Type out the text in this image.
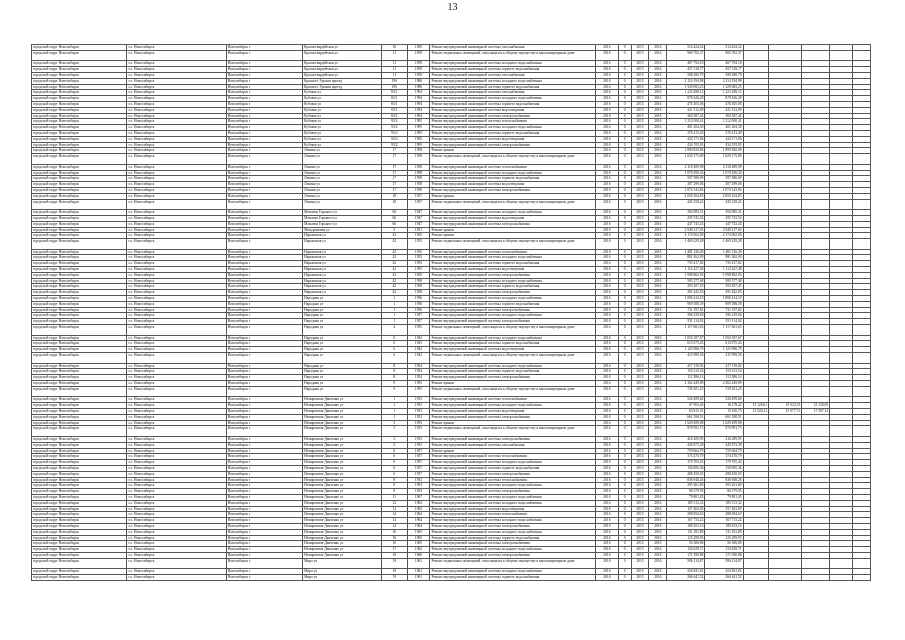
13
городской округ Новосибирск	г.о. Новосибирск	Новосибирск г	Красногвардейская ул	10	1969	Ремонт внутридомовой инженерной системы газоснабжения	2016	0	2015	2016	514 424,32	514 424,32					
городской округ Новосибирск	г.о. Новосибирск	Новосибирск г	Красногвардейская ул	11	1959	Ремонт подвальных помещений, относящихся к общему имуществу в многоквартирном доме	2016	0	2015	2016	906 782,37	906 782,37					
городской округ Новосибирск	г.о. Новосибирск	Новосибирск г	Красногвардейская ул	11	1959	Ремонт внутридомовой инженерной системы холодного водоснабжения	2016	0	2015	2016	467 794,18	467 794,18					
городской округ Новосибирск	г.о. Новосибирск	Новосибирск г	Красногвардейская ул	11	1959	Ремонт внутридомовой инженерной системы горячего водоснабжения	2016	0	2015	2016	457 518,77	457 518,77					
городской округ Новосибирск	г.о. Новосибирск	Новосибирск г	Красногвардейская ул	11	1959	Ремонт внутридомовой инженерной системы газоснабжения	2016	0	2015	2016	508 280,79	508 280,79					
городской округ Новосибирск	г.о. Новосибирск	Новосибирск г	Красного Урожая проезд	19б	1986	Ремонт внутридомовой инженерной системы холодного водоснабжения	2016	0	2015	2016	2 114 194,98	2 114 194,98					
городской округ Новосибирск	г.о. Новосибирск	Новосибирск г	Красного Урожая проезд	19б	1986	Ремонт внутридомовой инженерной системы горячего водоснабжения	2016	0	2015	2016	1 529 083,25	1 529 083,25					
городской округ Новосибирск	г.о. Новосибирск	Новосибирск г	Кубовая ул	83/1	1994	Ремонт внутридомовой инженерной системы газоснабжения	2016	0	2015	2016	1 223 498,12	1 223 498,12					
городской округ Новосибирск	г.о. Новосибирск	Новосибирск г	Кубовая ул	83/1	1994	Ремонт внутридомовой инженерной системы холодного водоснабжения	2016	0	2015	2016	879 426,28	879 426,28					
городской округ Новосибирск	г.о. Новосибирск	Новосибирск г	Кубовая ул	83/1	1994	Ремонт внутридомовой инженерной системы горячего водоснабжения	2016	0	2015	2016	476 305,06	476 305,06					
городской округ Новосибирск	г.о. Новосибирск	Новосибирск г	Кубовая ул	83/1	1994	Ремонт внутридомовой инженерной системы водоотведения	2016	0	2015	2016	421 512,09	421 512,09					
городской округ Новосибирск	г.о. Новосибирск	Новосибирск г	Кубовая ул	83/1	1994	Ремонт внутридомовой инженерной системы электроснабжения	2016	0	2015	2016	360 387,42	360 387,42					
городской округ Новосибирск	г.о. Новосибирск	Новосибирск г	Кубовая ул	93/2	1995	Ремонт внутридомовой инженерной системы теплоснабжения	2016	0	2015	2016	1 212 000,41	1 212 000,41					
городской округ Новосибирск	г.о. Новосибирск	Новосибирск г	Кубовая ул	93/2	1995	Ремонт внутридомовой инженерной системы холодного водоснабжения	2016	0	2015	2016	401 204,30	401 204,30					
городской округ Новосибирск	г.о. Новосибирск	Новосибирск г	Кубовая ул	93/2	1995	Ремонт внутридомовой инженерной системы горячего водоснабжения	2016	0	2015	2016	276 413,40	276 413,40					
городской округ Новосибирск	г.о. Новосибирск	Новосибирск г	Кубовая ул	93/2	1995	Ремонт внутридомовой инженерной системы водоотведения	2016	0	2015	2016	424 171,06	424 171,06					
городской округ Новосибирск	г.о. Новосибирск	Новосибирск г	Кубовая ул	93/2	1995	Ремонт внутридомовой инженерной системы электроснабжения	2016	0	2015	2016	434 193,05	434 193,05					
городской округ Новосибирск	г.о. Новосибирск	Новосибирск г	Ленина ул	17	1958	Ремонт крыши	2016	0	2015	2016	1 890 820,86	1 890 820,86					
городской округ Новосибирск	г.о. Новосибирск	Новосибирск г	Ленина ул	17	1958	Ремонт подвальных помещений, относящихся к общему имуществу в многоквартирном доме	2016	0	2015	2016	1 620 175,80	1 620 175,80					
городской округ Новосибирск	г.о. Новосибирск	Новосибирск г	Ленина ул	17	1958	Ремонт внутридомовой инженерной системы теплоснабжения	2016	0	2015	2016	2 118 489,98	2 118 489,98					
городской округ Новосибирск	г.о. Новосибирск	Новосибирск г	Ленина ул	17	1958	Ремонт внутридомовой инженерной системы холодного водоснабжения	2016	0	2015	2016	1 070 290,34	1 070 290,34					
городской округ Новосибирск	г.о. Новосибирск	Новосибирск г	Ленина ул	17	1958	Ремонт внутридомовой инженерной системы горячего водоснабжения	2016	0	2015	2016	597 580,09	597 580,09					
городской округ Новосибирск	г.о. Новосибирск	Новосибирск г	Ленина ул	17	1958	Ремонт внутридомовой инженерной системы водоотведения	2016	0	2015	2016	307 299,06	307 299,06					
городской округ Новосибирск	г.о. Новосибирск	Новосибирск г	Ленина ул	17	1958	Ремонт внутридомовой инженерной системы электроснабжения	2016	0	2015	2016	1 074 143,84	1 074 143,84					
городской округ Новосибирск	г.о. Новосибирск	Новосибирск г	Ленина ул	18	1957	Ремонт крыши	2016	0	2015	2016	2 050 164,83	2 050 164,83					
городской округ Новосибирск	г.о. Новосибирск	Новосибирск г	Ленина ул	18	1957	Ремонт подвальных помещений, относящихся к общему имуществу в многоквартирном доме	2016	0	2015	2016	445 258,22	445 258,22					
городской округ Новосибирск	г.о. Новосибирск	Новосибирск г	Максима Горького ул	66	1947	Ремонт внутридомовой инженерной системы холодного водоснабжения	2016	0	2015	2016	394 085,31	394 085,31					
городской округ Новосибирск	г.о. Новосибирск	Новосибирск г	Максима Горького ул	66	1947	Ремонт внутридомовой инженерной системы водоотведения	2016	0	2015	2016	295 743,54	295 743,54					
городской округ Новосибирск	г.о. Новосибирск	Новосибирск г	Максима Горького ул	66	1947	Ремонт внутридомовой инженерной системы электроснабжения	2016	0	2015	2016	447 743,43	447 743,43					
городской округ Новосибирск	г.о. Новосибирск	Новосибирск г	Мичуринская ул	3	1951	Ремонт крыши	2016	0	2015	2016	2 949 217,02	2 949 217,02					
городской округ Новосибирск	г.о. Новосибирск	Новосибирск г	Нарымская ул	42	1955	Ремонт крыши	2016	0	2015	2016	4 174 002,09	4 174 002,09					
городской округ Новосибирск	г.о. Новосибирск	Новосибирск г	Нарымская ул	42	1955	Ремонт подвальных помещений, относящихся к общему имуществу в многоквартирном доме	2016	0	2015	2016	1 469 229,28	1 469 229,28					
городской округ Новосибирск	г.о. Новосибирск	Новосибирск г	Нарымская ул	42	1955	Ремонт внутридомовой инженерной системы теплоснабжения	2016	0	2015	2016	1 481 126,49	1 481 126,49					
городской округ Новосибирск	г.о. Новосибирск	Новосибирск г	Нарымская ул	42	1955	Ремонт внутридомовой инженерной системы холодного водоснабжения	2016	0	2015	2016	881 362,09	881 362,09					
городской округ Новосибирск	г.о. Новосибирск	Новосибирск г	Нарымская ул	42	1955	Ремонт внутридомовой инженерной системы горячего водоснабжения	2016	0	2015	2016	735 417,82	735 417,82					
городской округ Новосибирск	г.о. Новосибирск	Новосибирск г	Нарымская ул	42	1955	Ремонт внутридомовой инженерной системы водоотведения	2016	0	2015	2016	1 112 427,48	1 112 427,48					
городской округ Новосибирск	г.о. Новосибирск	Новосибирск г	Нарымская ул	42	1955	Ремонт внутридомовой инженерной системы электроснабжения	2016	0	2015	2016	1 998 862,93	1 998 862,93					
городской округ Новосибирск	г.о. Новосибирск	Новосибирск г	Нарымская ул	42	1958	Ремонт внутридомовой инженерной системы холодного водоснабжения	2016	0	2015	2016	585 577,48	585 577,48					
городской округ Новосибирск	г.о. Новосибирск	Новосибирск г	Нарымская ул	42	1958	Ремонт внутридомовой инженерной системы горячего водоснабжения	2016	0	2015	2016	293 207,45	293 207,45					
городской округ Новосибирск	г.о. Новосибирск	Новосибирск г	Нарымская ул	42	1958	Ремонт внутридомовой инженерной системы электроснабжения	2016	0	2015	2016	291 442,93	291 442,93					
городской округ Новосибирск	г.о. Новосибирск	Новосибирск г	Народная ул	1	1956	Ремонт внутридомовой инженерной системы холодного водоснабжения	2016	0	2015	2016	1 896 414,19	1 896 414,19					
городской округ Новосибирск	г.о. Новосибирск	Новосибирск г	Народная ул	1	1956	Ремонт внутридомовой инженерной системы горячего водоснабжения	2016	0	2015	2016	909 588,39	909 588,39					
городской округ Новосибирск	г.о. Новосибирск	Новосибирск г	Народная ул	1	1956	Ремонт внутридомовой инженерной системы электроснабжения	2016	0	2015	2016	731 197,82	731 197,82					
городской округ Новосибирск	г.о. Новосибирск	Новосибирск г	Народная ул	1	1957	Ремонт внутридомовой инженерной системы холодного водоснабжения	2016	0	2015	2016	396 239,60	396 239,60					
городской округ Новосибирск	г.о. Новосибирск	Новосибирск г	Народная ул	1	1957	Ремонт внутридомовой инженерной системы электроснабжения	2016	0	2015	2016	551 114,02	551 114,02					
городской округ Новосибирск	г.о. Новосибирск	Новосибирск г	Народная ул	4	1955	Ремонт подвальных помещений, относящихся к общему имуществу в многоквартирном доме	2016	0	2015	2016	1 117 661,63	1 117 661,63					
городской округ Новосибирск	г.о. Новосибирск	Новосибирск г	Народная ул	6	1943	Ремонт внутридомовой инженерной системы холодного водоснабжения	2016	0	2015	2016	1 050 187,67	1 050 187,67					
городской округ Новосибирск	г.о. Новосибирск	Новосибирск г	Народная ул	6	1943	Ремонт внутридомовой инженерной системы горячего водоснабжения	2016	0	2015	2016	613 075,43	613 075,43					
городской округ Новосибирск	г.о. Новосибирск	Новосибирск г	Народная ул	6	1943	Ремонт внутридомовой инженерной системы водоотведения	2016	0	2015	2016	1 123 986,79	1 123 986,79					
городской округ Новосибирск	г.о. Новосибирск	Новосибирск г	Народная ул	6	1943	Ремонт подвальных помещений, относящихся к общему имуществу в многоквартирном доме	2016	0	2015	2016	415 999,56	415 999,56					
городской округ Новосибирск	г.о. Новосибирск	Новосибирск г	Народная ул	8	1954	Ремонт внутридомовой инженерной системы холодного водоснабжения	2016	0	2015	2016	417 139,02	417 139,02					
городской округ Новосибирск	г.о. Новосибирск	Новосибирск г	Народная ул	8	1954	Ремонт внутридомовой инженерной системы горячего водоснабжения	2016	0	2015	2016	153 313,54	153 313,54					
городской округ Новосибирск	г.о. Новосибирск	Новосибирск г	Народная ул	8	1954	Ремонт внутридомовой инженерной системы электроснабжения	2016	0	2015	2016	112 386,14	112 386,14					
городской округ Новосибирск	г.о. Новосибирск	Новосибирск г	Народная ул	9	1955	Ремонт крыши	2016	0	2015	2016	2 362 449,89	2 362 449,89					
городской округ Новосибирск	г.о. Новосибирск	Новосибирск г	Народная ул	9	1955	Ремонт подвальных помещений, относящихся к общему имуществу в многоквартирном доме	2016	0	2015	2016	729 201,25	729 201,25					
городской округ Новосибирск	г.о. Новосибирск	Новосибирск г	Немировича-Данченко ул	1	1953	Ремонт внутридомовой инженерной системы теплоснабжения	2016	0	2015	2016	520 499,60	520 499,60					
городской округ Новосибирск	г.о. Новосибирск	Новосибирск г	Немировича-Данченко ул	1	1953	Ремонт внутридомовой инженерной системы холодного водоснабжения	2016	0	2015	2016	67 903,46	16 178,22	15 120,61	19 522,53	21 130,00		
городской округ Новосибирск	г.о. Новосибирск	Новосибирск г	Немировича-Данченко ул	1	1953	Ремонт внутридомовой инженерной системы водоотведения	2016	0	2015	2016	63 815,31	15 436,75	15 520,21	15 077,71	17 587,12		
городской округ Новосибирск	г.о. Новосибирск	Новосибирск г	Немировича-Данченко ул	1	1953	Ремонт внутридомовой инженерной системы электроснабжения	2016	0	2015	2016	661 590,51	661 590,51					
городской округ Новосибирск	г.о. Новосибирск	Новосибирск г	Немировича-Данченко ул	5	1953	Ремонт крыши	2016	0	2015	2016	1 629 499,08	1 629 499,08					
городской округ Новосибирск	г.о. Новосибирск	Новосибирск г	Немировича-Данченко ул	5	1953	Ремонт подвальных помещений, относящихся к общему имуществу в многоквартирном доме	2016	0	2015	2016	970 991,73	970 991,73					
городской округ Новосибирск	г.о. Новосибирск	Новосибирск г	Немировича-Данченко ул	5	1953	Ремонт внутридомовой инженерной системы электроснабжения	2016	0	2015	2016	416 289,95	416 289,95					
городской округ Новосибирск	г.о. Новосибирск	Новосибирск г	Немировича-Данченко ул	5	1953	Ремонт внутридомовой инженерной системы газоснабжения	2016	0	2015	2016	445 873,38	445 873,38					
городской округ Новосибирск	г.о. Новосибирск	Новосибирск г	Немировича-Данченко ул	6	1957	Ремонт крыши	2016	0	2015	2016	759 664,79	759 664,79					
городской округ Новосибирск	г.о. Новосибирск	Новосибирск г	Немировича-Данченко ул	6	1957	Ремонт внутридомовой инженерной системы теплоснабжения	2016	0	2015	2016	374 470,79	374 470,79					
городской округ Новосибирск	г.о. Новосибирск	Новосибирск г	Немировича-Данченко ул	6	1957	Ремонт внутридомовой инженерной системы холодного водоснабжения	2016	0	2015	2016	179 705,43	179 705,43					
городской округ Новосибирск	г.о. Новосибирск	Новосибирск г	Немировича-Данченко ул	6	1957	Ремонт внутридомовой инженерной системы горячего водоснабжения	2016	0	2015	2016	156 695,36	156 695,36					
городской округ Новосибирск	г.о. Новосибирск	Новосибирск г	Немировича-Данченко ул	6	1957	Ремонт внутридомовой инженерной системы электроснабжения	2016	0	2015	2016	288 450,03	288 450,03					
городской округ Новосибирск	г.о. Новосибирск	Новосибирск г	Немировича-Данченко ул	8	1953	Ремонт внутридомовой инженерной системы теплоснабжения	2016	0	2015	2016	836 948,26	836 948,26					
городской округ Новосибирск	г.о. Новосибирск	Новосибирск г	Немировича-Данченко ул	8	1953	Ремонт внутридомовой инженерной системы холодного водоснабжения	2016	0	2015	2016	393 261,80	393 261,80					
городской округ Новосибирск	г.о. Новосибирск	Новосибирск г	Немировича-Данченко ул	8	1953	Ремонт внутридомовой инженерной системы электроснабжения	2016	0	2015	2016	96 579,95	96 579,95					
городской округ Новосибирск	г.о. Новосибирск	Новосибирск г	Немировича-Данченко ул	11	1967	Ремонт внутридомовой инженерной системы холодного водоснабжения	2016	0	2015	2016	79 801,45	79 801,45					
городской округ Новосибирск	г.о. Новосибирск	Новосибирск г	Немировича-Данченко ул	12	1963	Ремонт внутридомовой инженерной системы холодного водоснабжения	2016	0	2015	2016	185 513,32	185 513,32					
городской округ Новосибирск	г.о. Новосибирск	Новосибирск г	Немировича-Данченко ул	12	1963	Ремонт внутридомовой инженерной системы водоотведения	2016	0	2015	2016	157 463,05	157 463,05					
городской округ Новосибирск	г.о. Новосибирск	Новосибирск г	Немировича-Данченко ул	14	1964	Ремонт внутридомовой инженерной системы теплоснабжения	2016	0	2015	2016	288 094,63	288 094,63					
городской округ Новосибирск	г.о. Новосибирск	Новосибирск г	Немировича-Данченко ул	14	1964	Ремонт внутридомовой инженерной системы холодного водоснабжения	2016	0	2015	2016	167 733,22	167 733,22					
городской округ Новосибирск	г.о. Новосибирск	Новосибирск г	Немировича-Данченко ул	14	1964	Ремонт внутридомовой инженерной системы электроснабжения	2016	0	2015	2016	189 453,16	189 453,16					
городской округ Новосибирск	г.о. Новосибирск	Новосибирск г	Немировича-Данченко ул	16	1965	Ремонт внутридомовой инженерной системы холодного водоснабжения	2016	0	2015	2016	131 181,89	131 181,89					
городской округ Новосибирск	г.о. Новосибирск	Новосибирск г	Немировича-Данченко ул	16	1965	Ремонт внутридомовой инженерной системы горячего водоснабжения	2016	0	2015	2016	125 299,93	125 299,93					
городской округ Новосибирск	г.о. Новосибирск	Новосибирск г	Немировича-Данченко ул	16	1965	Ремонт внутридомовой инженерной системы электроснабжения	2016	0	2015	2016	56 306,80	56 306,80					
городской округ Новосибирск	г.о. Новосибирск	Новосибирск г	Немировича-Данченко ул	17	1962	Ремонт внутридомовой инженерной системы холодного водоснабжения	2016	0	2015	2016	134 029,71	134 029,71					
городской округ Новосибирск	г.о. Новосибирск	Новосибирск г	Немировича-Данченко ул	18	1966	Ремонт внутридомовой инженерной системы электроснабжения	2016	0	2015	2016	171 390,88	171 390,88					
городской округ Новосибирск	г.о. Новосибирск	Новосибирск г	Мира ул	19	1961	Ремонт подвальных помещений, относящихся к общему имуществу в многоквартирном доме	2016	0	2015	2016	586 214,87	586 214,87					
городской округ Новосибирск	г.о. Новосибирск	Новосибирск г	Мира ул	19	1961	Ремонт внутридомовой инженерной системы холодного водоснабжения	2016	0	2015	2016	254 841,81	254 841,81					
городской округ Новосибирск	г.о. Новосибирск	Новосибирск г	Мира ул	19	1961	Ремонт внутридомовой инженерной системы горячего водоснабжения	2016	0	2015	2016	266 441,52	266 441,52					
